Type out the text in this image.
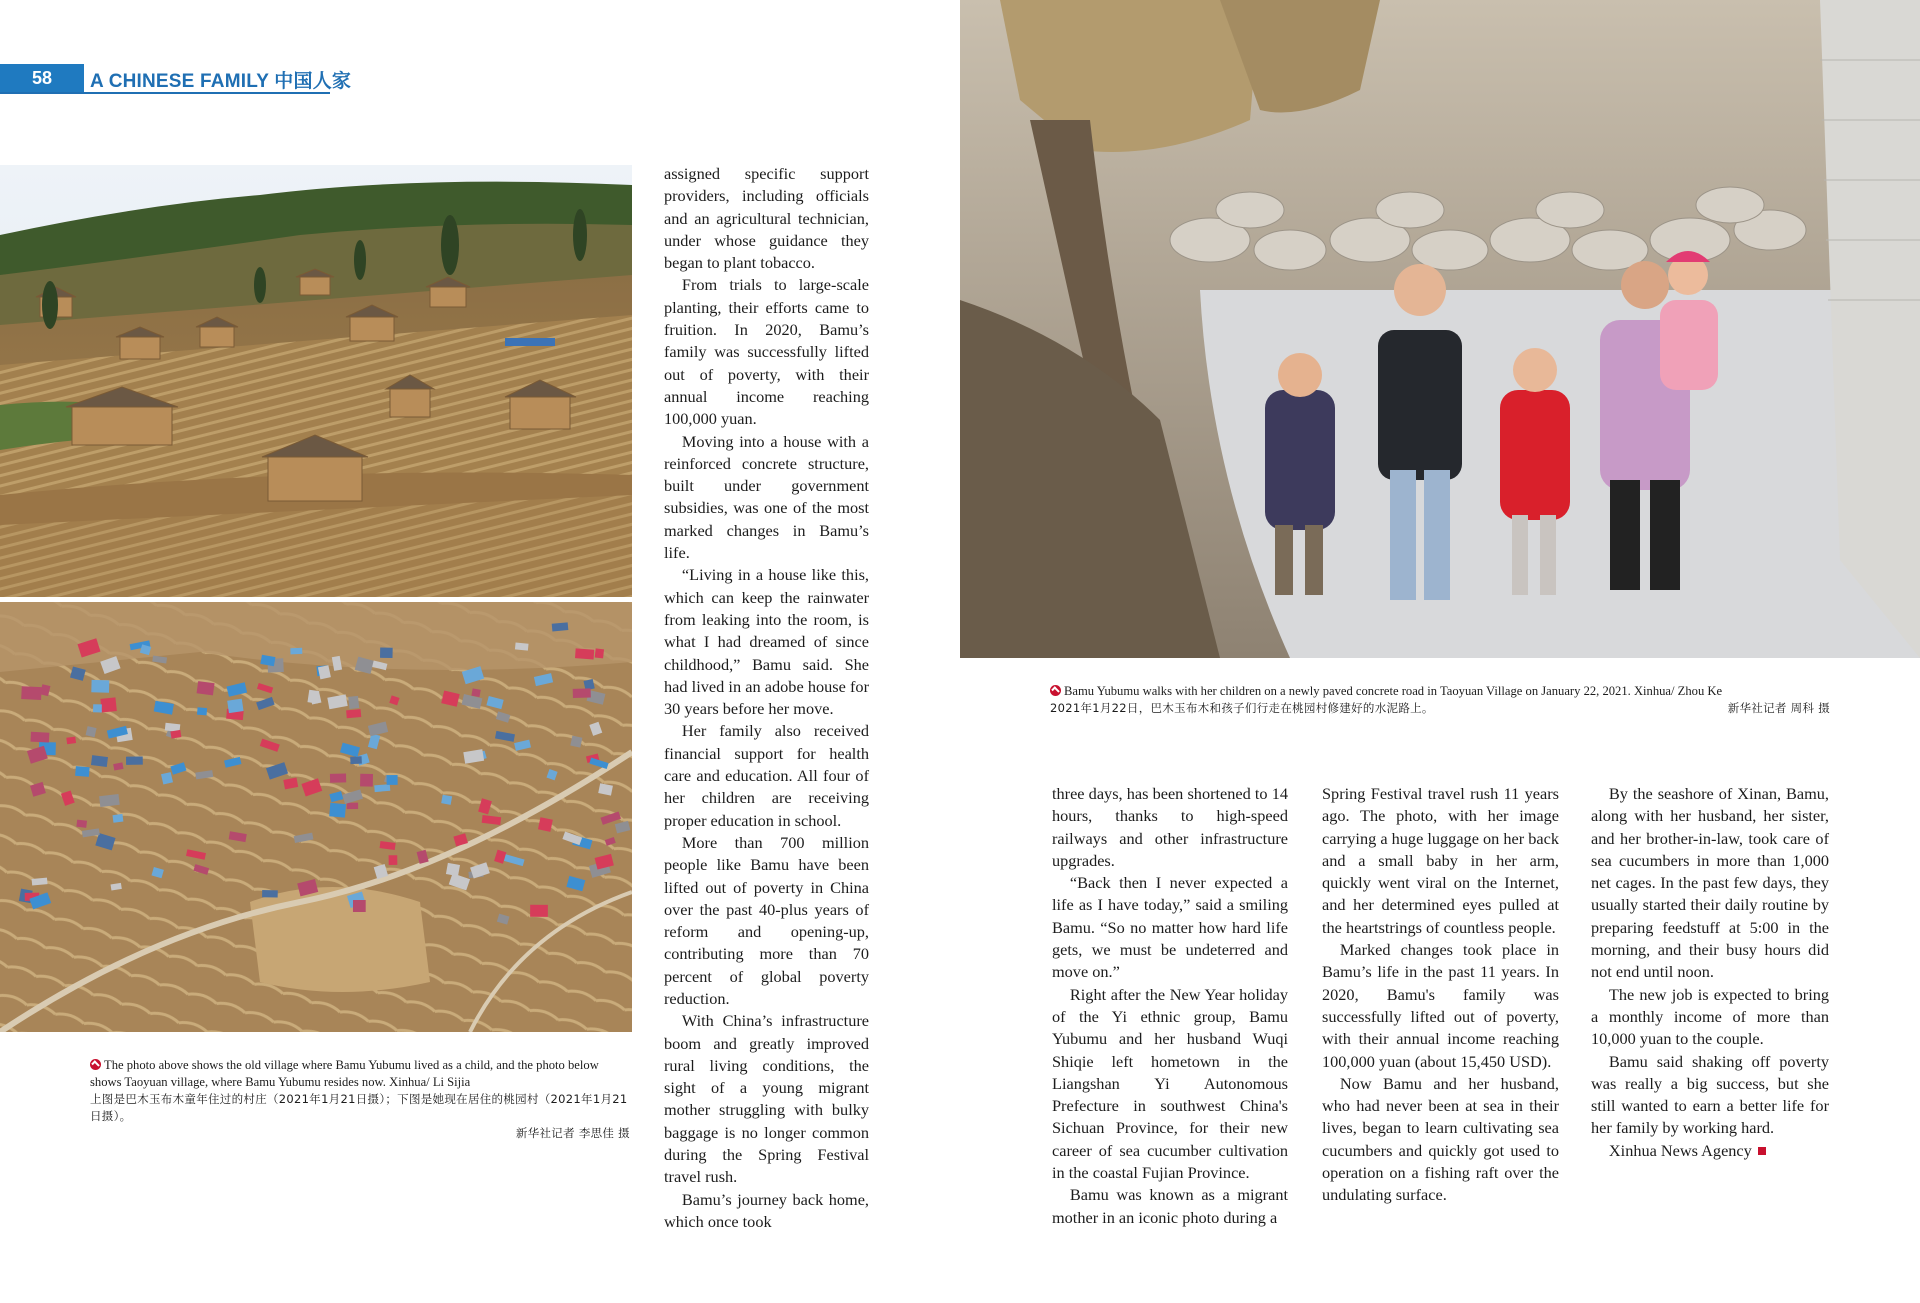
58	A CHINESE FAMILY 中国人家
The photo above shows the old village where Bamu Yubumu lived as a child, and the photo below shows Taoyuan village, where Bamu Yubumu resides now. Xinhua/ Li Sijia
上图是巴木玉布木童年住过的村庄（2021年1月21日摄）；下图是她现在居住的桃园村（2021年1月21日摄）。
新华社记者 李思佳 摄

assigned specific support providers, including officials and an agricultural technician, under whose guidance they began to plant tobacco.

From trials to large-scale planting, their efforts came to fruition. In 2020, Bamu’s family was successfully lifted out of poverty, with their annual income reaching 100,000 yuan.

Moving into a house with a reinforced concrete structure, built under government subsidies, was one of the most marked changes in Bamu’s life.

“Living in a house like this, which can keep the rainwater from leaking into the room, is what I had dreamed of since childhood,” Bamu said. She had lived in an adobe house for 30 years before her move.

Her family also received financial support for health care and education. All four of her children are receiving proper education in school.

More than 700 million people like Bamu have been lifted out of poverty in China over the past 40-plus years of reform and opening-up, contributing more than 70 percent of global poverty reduction.

With China’s infrastructure boom and greatly improved rural living conditions, the sight of a young migrant mother struggling with bulky baggage is no longer common during the Spring Festival travel rush.

Bamu’s journey back home, which once took

Bamu Yubumu walks with her children on a newly paved concrete road in Taoyuan Village on January 22, 2021. Xinhua/ Zhou Ke
2021年1月22日，巴木玉布木和孩子们行走在桃园村修建好的水泥路上。	新华社记者 周科 摄

three days, has been shortened to 14 hours, thanks to high-speed railways and other infrastructure upgrades.

“Back then I never expected a life as I have today,” said a smiling Bamu. “So no matter how hard life gets, we must be undeterred and move on.”

Right after the New Year holiday of the Yi ethnic group, Bamu Yubumu and her husband Wuqi Shiqie left hometown in the Liangshan Yi Autonomous Prefecture in southwest China's Sichuan Province, for their new career of sea cucumber cultivation in the coastal Fujian Province.

Bamu was known as a migrant mother in an iconic photo during a

Spring Festival travel rush 11 years ago. The photo, with her image carrying a huge luggage on her back and a small baby in her arm, quickly went viral on the Internet, and her determined eyes pulled at the heartstrings of countless people.

Marked changes took place in Bamu’s life in the past 11 years. In 2020, Bamu's family was successfully lifted out of poverty, with their annual income reaching 100,000 yuan (about 15,450 USD).

Now Bamu and her husband, who had never been at sea in their lives, began to learn cultivating sea cucumbers and quickly got used to operation on a fishing raft over the undulating surface.

By the seashore of Xinan, Bamu, along with her husband, her sister, and her brother-in-law, took care of sea cucumbers in more than 1,000 net cages. In the past few days, they usually started their daily routine by preparing feedstuff at 5:00 in the morning, and their busy hours did not end until noon.

The new job is expected to bring a monthly income of more than 10,000 yuan to the couple.

Bamu said shaking off poverty was really a big success, but she still wanted to earn a better life for her family by working hard.

Xinhua News Agency
